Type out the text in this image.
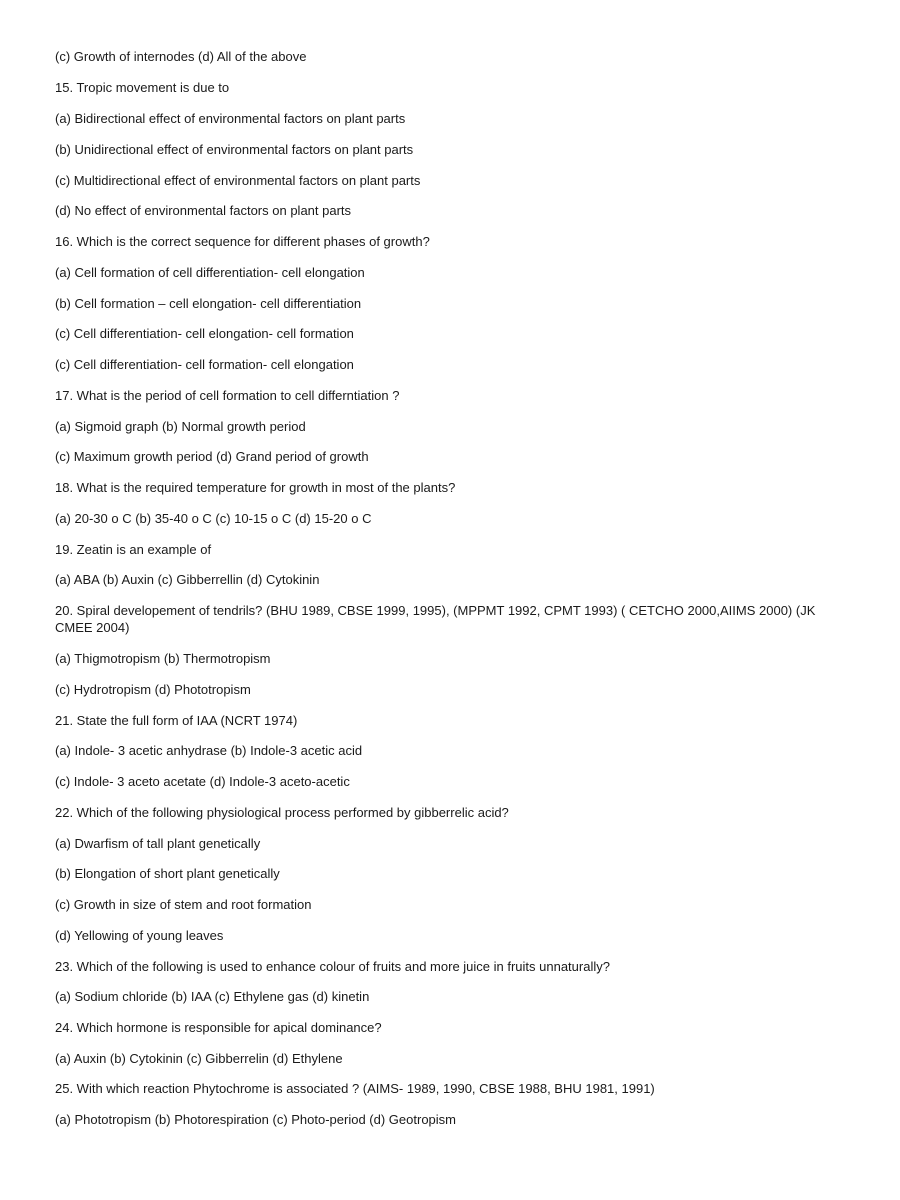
(c) Growth of internodes (d) All of the above
15. Tropic movement is due to
(a) Bidirectional effect of environmental factors on plant parts
(b) Unidirectional effect of environmental factors on plant parts
(c) Multidirectional effect of environmental factors on plant parts
(d) No effect of environmental factors on plant parts
16. Which is the correct sequence for different phases of growth?
(a) Cell formation of cell differentiation- cell elongation
(b) Cell formation – cell elongation- cell differentiation
(c) Cell differentiation- cell elongation- cell formation
(c) Cell differentiation- cell formation- cell elongation
17. What is the period of cell formation to cell differntiation ?
(a) Sigmoid graph (b) Normal growth period
(c) Maximum growth period (d) Grand period of growth
18. What is the required temperature for growth in most of the plants?
(a) 20-30 o C (b) 35-40 o C (c) 10-15 o C (d) 15-20 o C
19. Zeatin is an example of
(a) ABA (b) Auxin (c) Gibberrellin (d) Cytokinin
20. Spiral developement of tendrils? (BHU 1989, CBSE 1999, 1995), (MPPMT 1992, CPMT 1993) ( CETCHO 2000,AIIMS 2000) (JK CMEE 2004)
(a) Thigmotropism (b) Thermotropism
(c) Hydrotropism (d) Phototropism
21. State the full form of IAA (NCRT 1974)
(a) Indole- 3 acetic anhydrase (b) Indole-3 acetic acid
(c) Indole- 3 aceto acetate (d) Indole-3 aceto-acetic
22. Which of the following physiological process performed by gibberrelic acid?
(a) Dwarfism of tall plant genetically
(b) Elongation of short plant genetically
(c) Growth in size of stem and root formation
(d) Yellowing of young leaves
23. Which of the following is used to enhance colour of fruits and more juice in fruits unnaturally?
(a) Sodium chloride (b) IAA (c) Ethylene gas (d) kinetin
24. Which hormone is responsible for apical dominance?
(a) Auxin (b) Cytokinin (c) Gibberrelin (d) Ethylene
25. With which reaction Phytochrome is associated ? (AIMS- 1989, 1990, CBSE 1988, BHU 1981, 1991)
(a) Phototropism (b) Photorespiration (c) Photo-period (d) Geotropism
